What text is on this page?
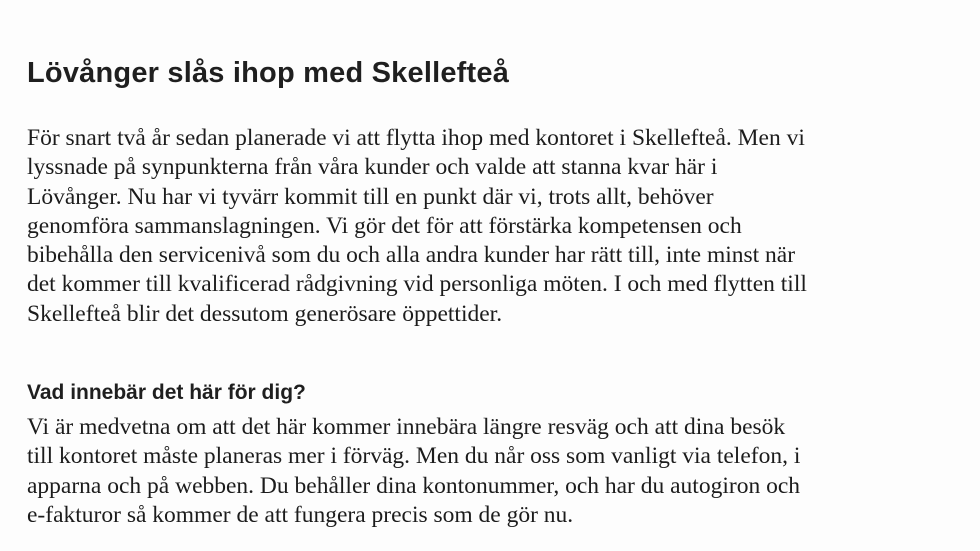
Lövånger slås ihop med Skellefteå
För snart två år sedan planerade vi att flytta ihop med kontoret i Skellefteå. Men vi
lyssnade på synpunkterna från våra kunder och valde att stanna kvar här i
Lövånger. Nu har vi tyvärr kommit till en punkt där vi, trots allt, behöver
genomföra sammanslagningen. Vi gör det för att förstärka kompetensen och
bibehålla den servicenivå som du och alla andra kunder har rätt till, inte minst när
det kommer till kvalificerad rådgivning vid personliga möten. I och med flytten till
Skellefteå blir det dessutom generösare öppettider.
Vad innebär det här för dig?
Vi är medvetna om att det här kommer innebära längre resväg och att dina besök
till kontoret måste planeras mer i förväg. Men du når oss som vanligt via telefon, i
apparna och på webben. Du behåller dina kontonummer, och har du autogiron och
e-fakturor så kommer de att fungera precis som de gör nu.
